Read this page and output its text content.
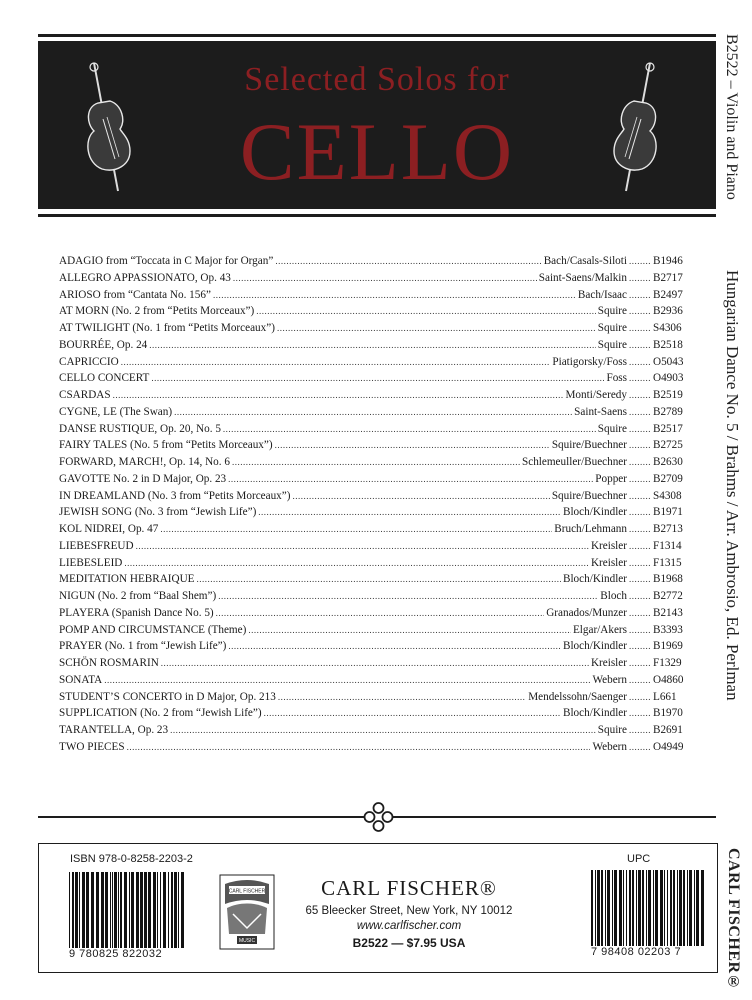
Selected Solos for
CELLO	B2522 – Violin and Piano
Hungarian Dance No. 5 / Brahms / Arr. Ambrosio, Ed. Perlman
CARL FISCHER®
ADAGIO from “Toccata in C Major for Organ” .....	Bach/Casals-Siloti ........ B1946
ALLEGRO APPASSIONATO, Op. 43 .....	Saint-Saens/Malkin ........ B2717
ARIOSO from “Cantata No. 156” .....	Bach/Isaac ........ B2497
AT MORN (No. 2 from “Petits Morceaux”) .....	Squire ........ B2936
AT TWILIGHT (No. 1 from “Petits Morceaux”) .....	Squire ........ S4306
BOURRÉE, Op. 24 .....	Squire ........ B2518
CAPRICCIO .....	Piatigorsky/Foss ........ O5043
CELLO CONCERT .....	Foss ........ O4903
CSARDAS .....	Monti/Seredy ........ B2519
CYGNE, LE (The Swan) .....	Saint-Saens ........ B2789
DANSE RUSTIQUE, Op. 20, No. 5 .....	Squire ........ B2517
FAIRY TALES (No. 5 from “Petits Morceaux”) .....	Squire/Buechner ........ B2725
FORWARD, MARCH!, Op. 14, No. 6 .....	Schlemeuller/Buechner ........ B2630
GAVOTTE No. 2 in D Major, Op. 23 .....	Popper ........ B2709
IN DREAMLAND (No. 3 from “Petits Morceaux”) .....	Squire/Buechner ........ S4308
JEWISH SONG (No. 3 from “Jewish Life”) .....	Bloch/Kindler ........ B1971
KOL NIDREI, Op. 47 .....	Bruch/Lehmann ........ B2713
LIEBESFREUD .....	Kreisler ........ F1314
LIEBESLEID .....	Kreisler ........ F1315
MEDITATION HEBRAIQUE .....	Bloch/Kindler ........ B1968
NIGUN (No. 2 from “Baal Shem”) .....	Bloch ........ B2772
PLAYERA (Spanish Dance No. 5) .....	Granados/Munzer ........ B2143
POMP AND CIRCUMSTANCE (Theme) .....	Elgar/Akers ........ B3393
PRAYER (No. 1 from “Jewish Life”) .....	Bloch/Kindler ........ B1969
SCHÖN ROSMARIN .....	Kreisler ........ F1329
SONATA .....	Webern ........ O4860
STUDENT’S CONCERTO in D Major, Op. 213 .....	Mendelssohn/Saenger ........ L661
SUPPLICATION (No. 2 from “Jewish Life”) .....	Bloch/Kindler ........ B1970
TARANTELLA, Op. 23 .....	Squire ........ B2691
TWO PIECES .....	Webern ........ O4949
ISBN 978-0-8258-2203-2	UPC
9 780825 822032
CARL FISCHER
MUSIC
CARL FISCHER®
65 Bleecker Street, New York, NY 10012
www.carlfischer.com
B2522 — $7.95 USA
7 98408 02203 7
